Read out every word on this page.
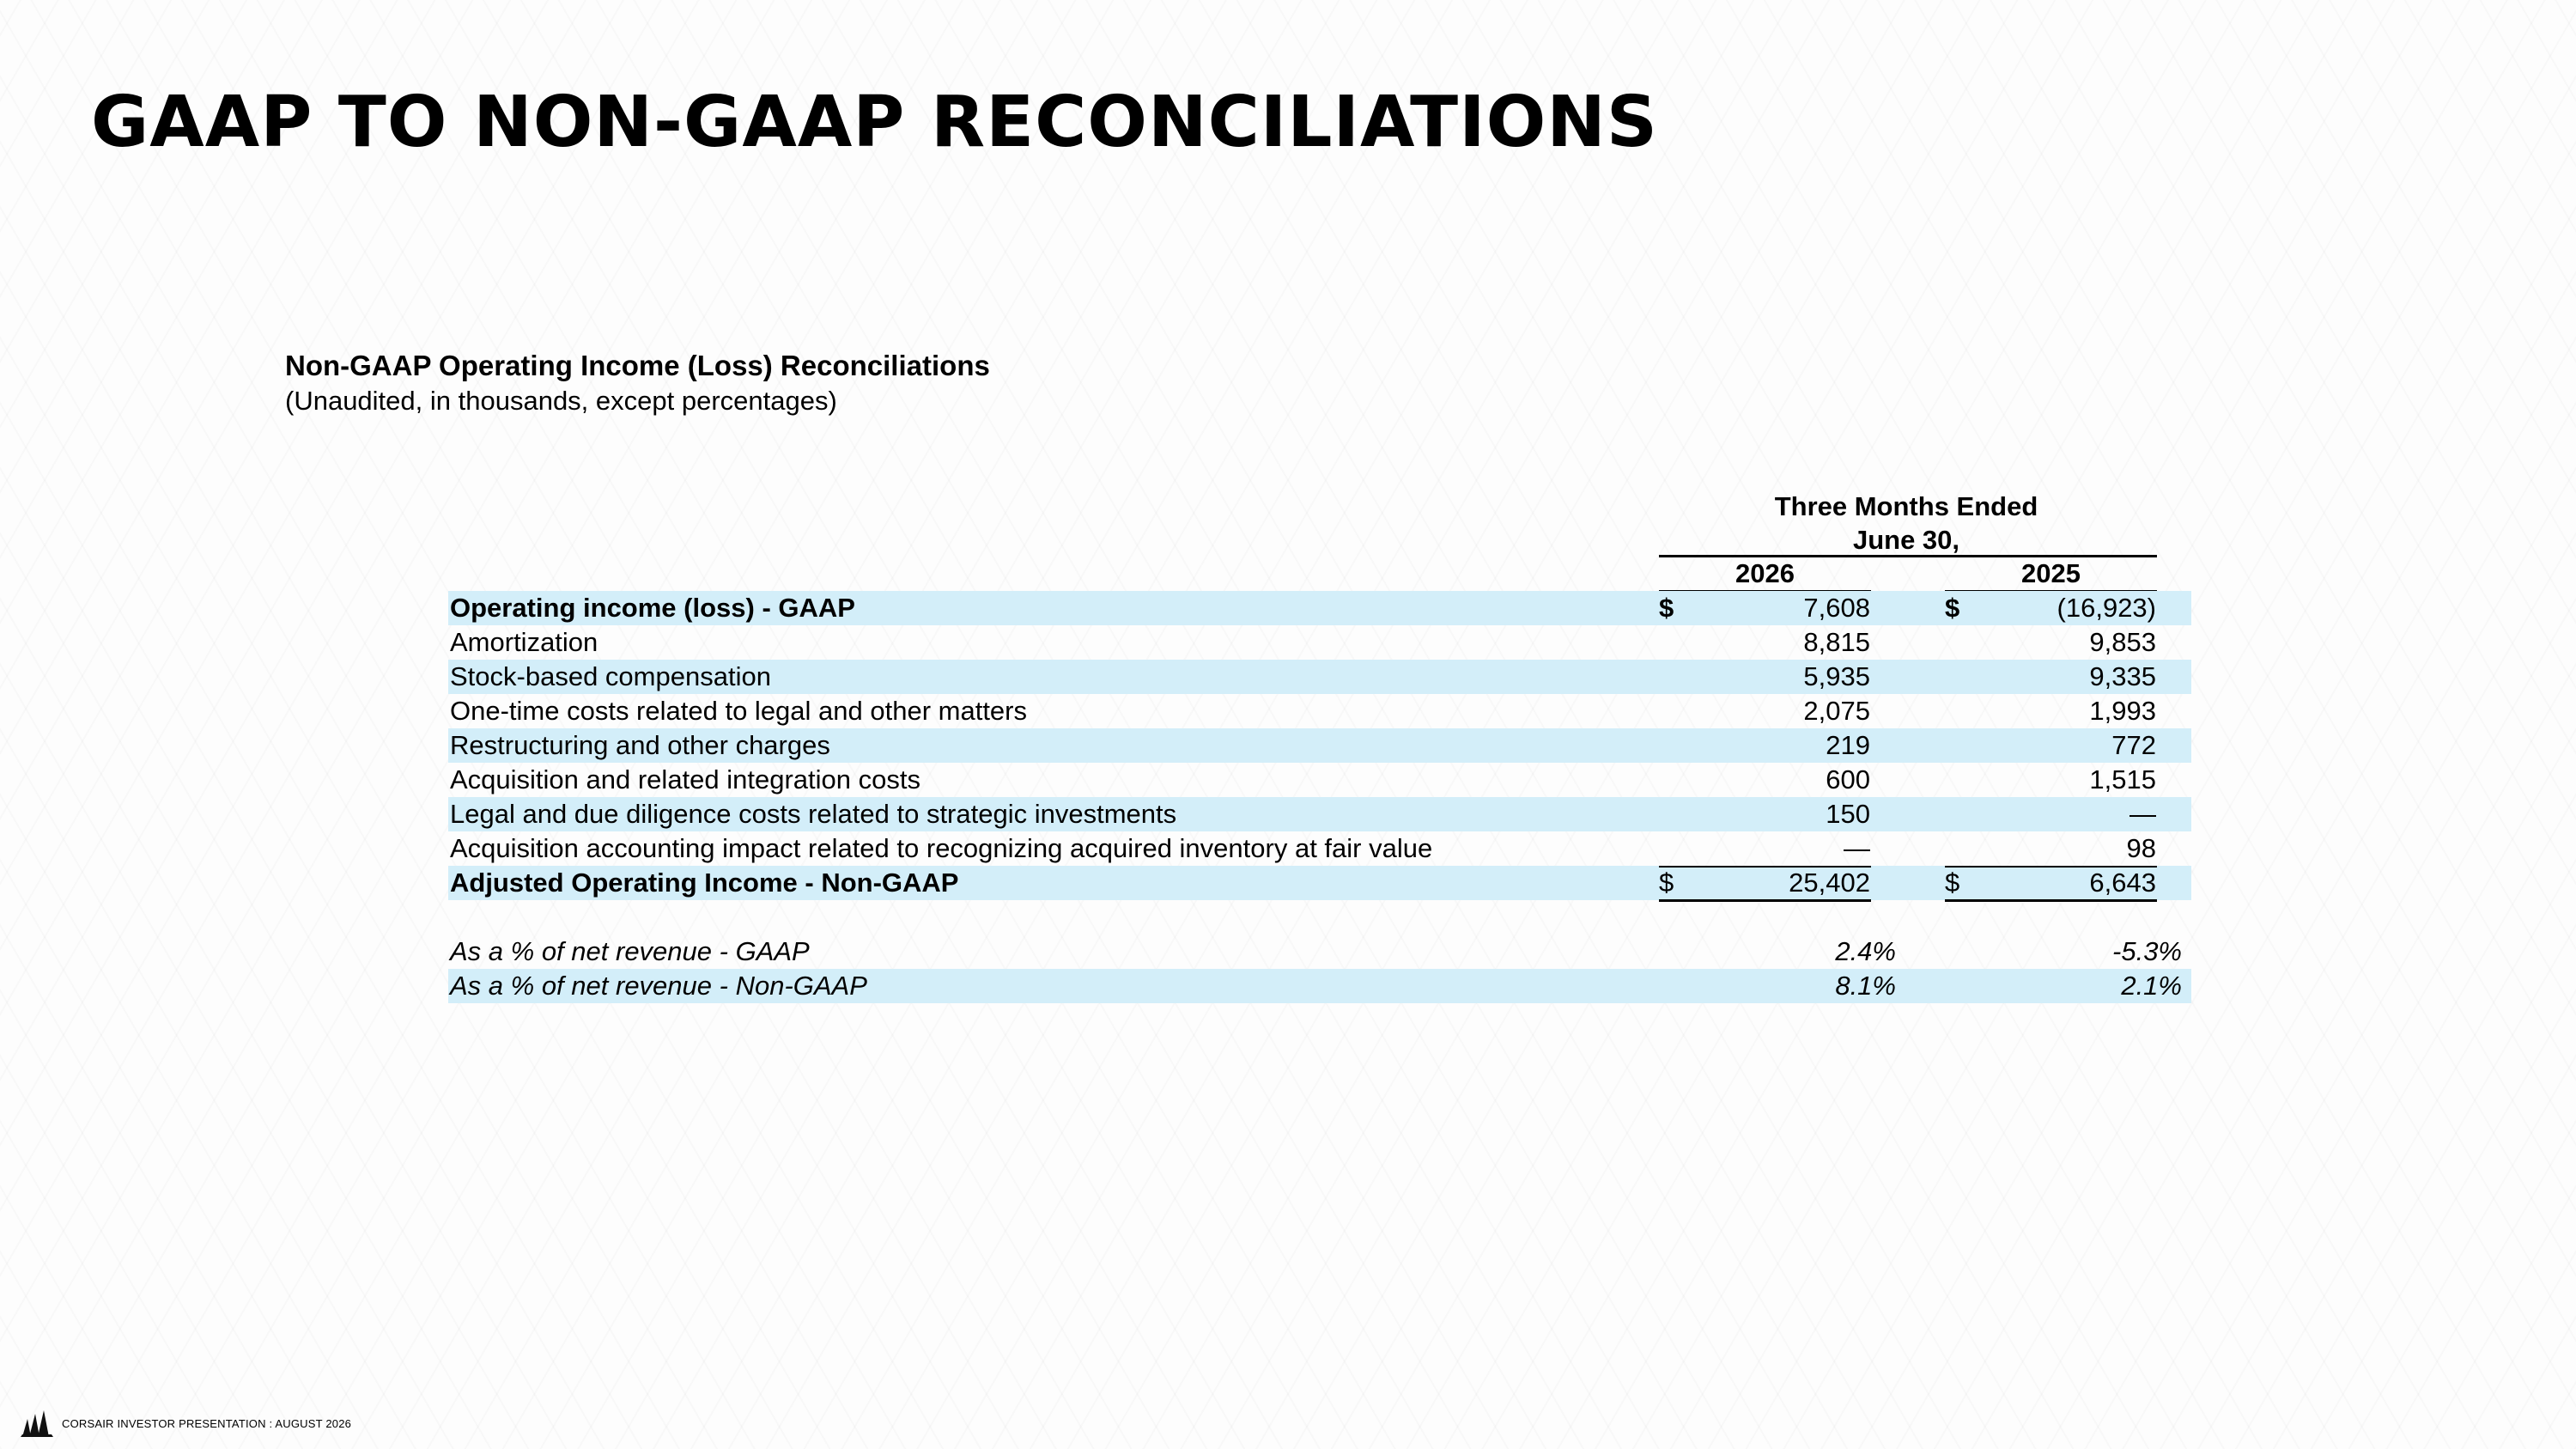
GAAP TO NON-GAAP RECONCILIATIONS
Non-GAAP Operating Income (Loss) Reconciliations
(Unaudited, in thousands, except percentages)
Three Months Ended
June 30,
2026	2025
Operating income (loss) - GAAP	$	7,608	$	(16,923)
Amortization	8,815	9,853
Stock-based compensation	5,935	9,335
One-time costs related to legal and other matters	2,075	1,993
Restructuring and other charges	219	772
Acquisition and related integration costs	600	1,515
Legal and due diligence costs related to strategic investments	150	—
Acquisition accounting impact related to recognizing acquired inventory at fair value	—	98
Adjusted Operating Income - Non-GAAP	$	25,402	$	6,643
As a % of net revenue - GAAP	2.4%	-5.3%
As a % of net revenue - Non-GAAP	8.1%	2.1%
CORSAIR INVESTOR PRESENTATION : AUGUST 2026
